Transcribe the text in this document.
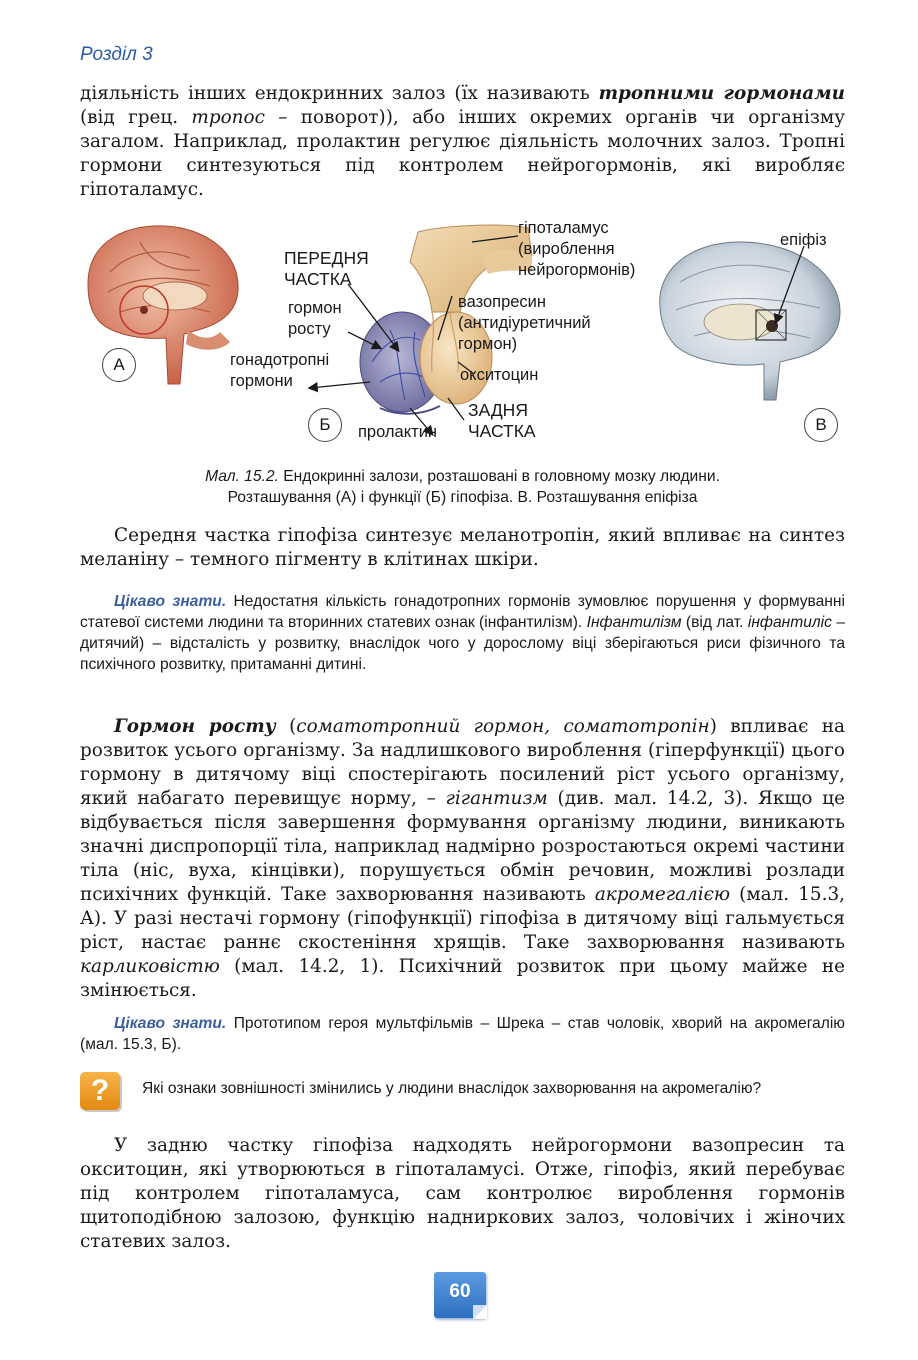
Розділ 3

діяльність інших ендокринних залоз (їх називають тропними гормонами (від грец. тропос – поворот)), або інших окремих органів чи організму загалом. Наприклад, пролактин регулює діяльність молочних залоз. Тропні гормони синтезуються під контролем нейрогормонів, які виробляє гіпоталамус.

гіпоталамус
(вироблення
нейрогормонів)
ПЕРЕДНЯ
ЧАСТКА
гормон
росту
вазопресин
(антидіуретичний
гормон)
гонадотропні
гормони	окситоцин
ЗАДНЯ
ЧАСТКА
пролактин
епіфіз
А
Б	В
Мал. 15.2. Ендокринні залози, розташовані в головному мозку людини.
Розташування (А) і функції (Б) гіпофіза. В. Розташування епіфіза

Середня частка гіпофіза синтезує меланотропін, який впливає на синтез меланіну – темного пігменту в клітинах шкіри.

Цікаво знати. Недостатня кількість гонадотропних гормонів зумовлює порушення у формуванні статевої системи людини та вторинних статевих ознак (інфантилізм). Інфантилізм (від лат. інфантиліс – дитячий) – відсталість у розвитку, внаслідок чого у дорослому віці зберігаються риси фізичного та психічного розвитку, притаманні дитині.

Гормон росту (соматотропний гормон, соматотропін) впливає на розвиток усього організму. За надлишкового вироблення (гіперфункції) цього гормону в дитячому віці спостерігають посилений ріст усього організму, який набагато перевищує норму, – гігантизм (див. мал. 14.2, 3). Якщо це відбувається після завершення формування організму людини, виникають значні диспропорції тіла, наприклад надмірно розростаються окремі частини тіла (ніс, вуха, кінцівки), порушується обмін речовин, можливі розлади психічних функцій. Таке захворювання називають акромегалією (мал. 15.3, А). У разі нестачі гормону (гіпофункції) гіпофіза в дитячому віці гальмується ріст, настає раннє скостеніння хрящів. Таке захворювання називають карликовістю (мал. 14.2, 1). Психічний розвиток при цьому майже не змінюється.

Цікаво знати. Прототипом героя мультфільмів – Шрека – став чоловік, хворий на акромегалію (мал. 15.3, Б).

?	Які ознаки зовнішності змінились у людини внаслідок захворювання на акромегалію?

У задню частку гіпофіза надходять нейрогормони вазопресин та окситоцин, які утворюються в гіпоталамусі. Отже, гіпофіз, який перебуває під контролем гіпоталамуса, сам контролює вироблення гормонів щитоподібною залозою, функцію надниркових залоз, чоловічих і жіночих статевих залоз.

60
